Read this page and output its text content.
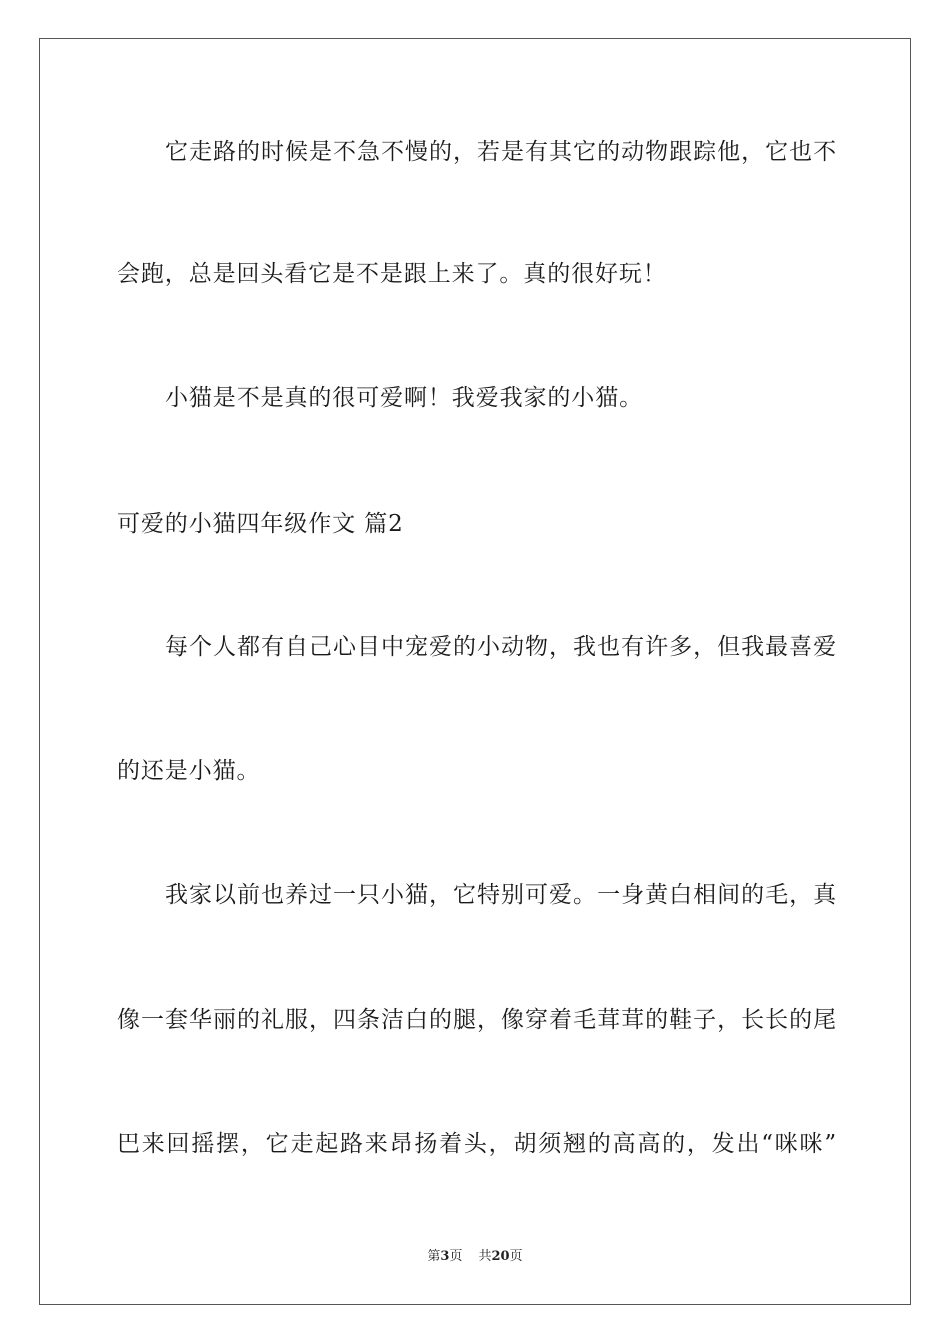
它走路的时候是不急不慢的，若是有其它的动物跟踪他，它也不
会跑，总是回头看它是不是跟上来了。真的很好玩！
小猫是不是真的很可爱啊！我爱我家的小猫。
可爱的小猫四年级作文 篇2
每个人都有自己心目中宠爱的小动物，我也有许多，但我最喜爱
的还是小猫。
我家以前也养过一只小猫，它特别可爱。一身黄白相间的毛，真
像一套华丽的礼服，四条洁白的腿，像穿着毛茸茸的鞋子，长长的尾
巴来回摇摆，它走起路来昂扬着头，胡须翘的高高的，发出“咪咪”
第3页 共20页
